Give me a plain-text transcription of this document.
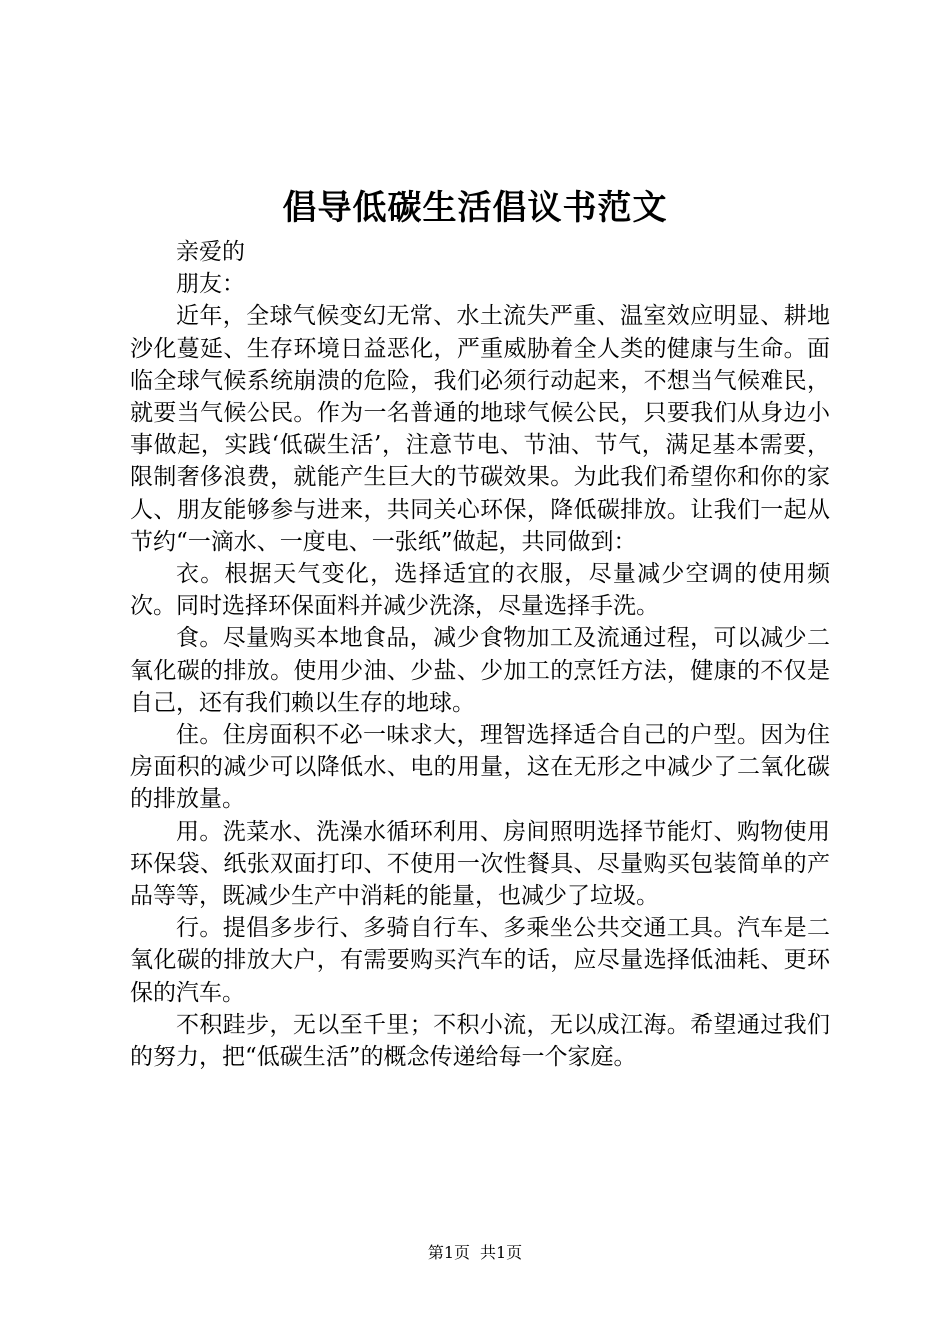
倡导低碳生活倡议书范文

亲爱的

朋友：

近年，全球气候变幻无常、水土流失严重、温室效应明显、耕地沙化蔓延、生存环境日益恶化，严重威胁着全人类的健康与生命。面临全球气候系统崩溃的危险，我们必须行动起来，不想当气候难民，就要当气候公民。作为一名普通的地球气候公民，只要我们从身边小事做起，实践‘低碳生活’，注意节电、节油、节气，满足基本需要，限制奢侈浪费，就能产生巨大的节碳效果。为此我们希望你和你的家人、朋友能够参与进来，共同关心环保，降低碳排放。让我们一起从节约“一滴水、一度电、一张纸”做起，共同做到：

衣。根据天气变化，选择适宜的衣服，尽量减少空调的使用频次。同时选择环保面料并减少洗涤，尽量选择手洗。

食。尽量购买本地食品，减少食物加工及流通过程，可以减少二氧化碳的排放。使用少油、少盐、少加工的烹饪方法，健康的不仅是自己，还有我们赖以生存的地球。

住。住房面积不必一味求大，理智选择适合自己的户型。因为住房面积的减少可以降低水、电的用量，这在无形之中减少了二氧化碳的排放量。

用。洗菜水、洗澡水循环利用、房间照明选择节能灯、购物使用环保袋、纸张双面打印、不使用一次性餐具、尽量购买包装简单的产品等等，既减少生产中消耗的能量，也减少了垃圾。

行。提倡多步行、多骑自行车、多乘坐公共交通工具。汽车是二氧化碳的排放大户，有需要购买汽车的话，应尽量选择低油耗、更环保的汽车。

不积跬步，无以至千里；不积小流，无以成江海。希望通过我们的努力，把“低碳生活”的概念传递给每一个家庭。

第1页 共1页
